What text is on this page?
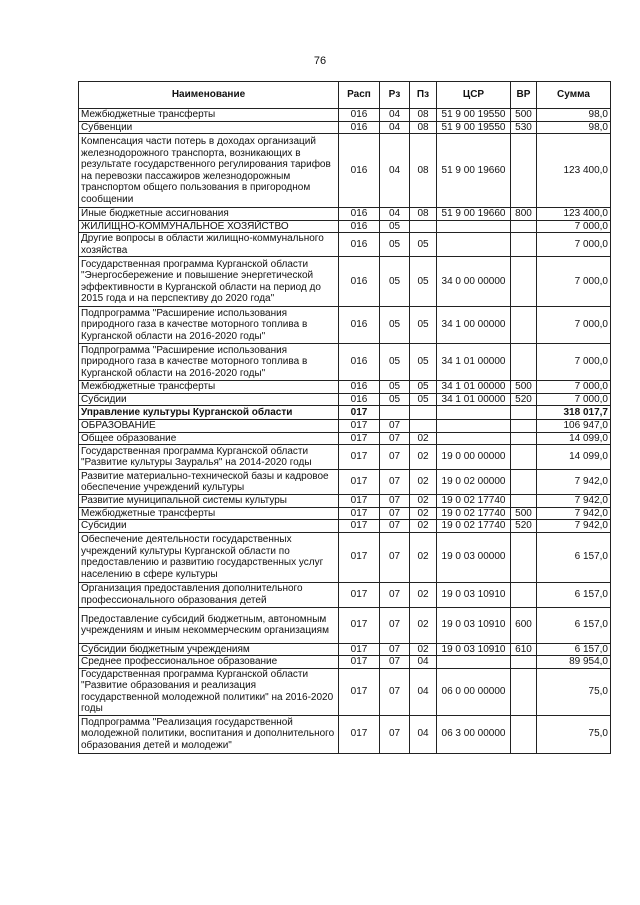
76
Наименование	Расп	Рз	Пз	ЦСР	ВР	Сумма
Межбюджетные трансферты	016	04	08	51 9 00 19550	500	98,0
Субвенции	016	04	08	51 9 00 19550	530	98,0
Компенсация части потерь в доходах организаций железнодорожного транспорта, возникающих в результате государственного регулирования тарифов на перевозки пассажиров железнодорожным транспортом общего пользования в пригородном сообщении	016	04	08	51 9 00 19660		123 400,0
Иные бюджетные ассигнования	016	04	08	51 9 00 19660	800	123 400,0
ЖИЛИЩНО-КОММУНАЛЬНОЕ ХОЗЯЙСТВО	016	05				7 000,0
Другие вопросы в области жилищно-коммунального хозяйства	016	05	05			7 000,0
Государственная программа Курганской области "Энергосбережение и повышение энергетической эффективности в Курганской области на период до 2015 года и на перспективу до 2020 года"	016	05	05	34 0 00 00000		7 000,0
Подпрограмма "Расширение использования природного газа в качестве моторного топлива в Курганской области на 2016-2020 годы"	016	05	05	34 1 00 00000		7 000,0
Подпрограмма "Расширение использования природного газа в качестве моторного топлива в Курганской области на 2016-2020 годы"	016	05	05	34 1 01 00000		7 000,0
Межбюджетные трансферты	016	05	05	34 1 01 00000	500	7 000,0
Субсидии	016	05	05	34 1 01 00000	520	7 000,0
Управление культуры Курганской области	017					318 017,7
ОБРАЗОВАНИЕ	017	07				106 947,0
Общее образование	017	07	02			14 099,0
Государственная программа Курганской области "Развитие культуры Зауралья" на 2014-2020 годы	017	07	02	19 0 00 00000		14 099,0
Развитие материально-технической базы и кадровое обеспечение учреждений культуры	017	07	02	19 0 02 00000		7 942,0
Развитие муниципальной системы культуры	017	07	02	19 0 02 17740		7 942,0
Межбюджетные трансферты	017	07	02	19 0 02 17740	500	7 942,0
Субсидии	017	07	02	19 0 02 17740	520	7 942,0
Обеспечение деятельности государственных учреждений культуры Курганской области по предоставлению и развитию государственных услуг населению в сфере культуры	017	07	02	19 0 03 00000		6 157,0
Организация предоставления дополнительного профессионального образования детей	017	07	02	19 0 03 10910		6 157,0
Предоставление субсидий бюджетным, автономным учреждениям и иным некоммерческим организациям	017	07	02	19 0 03 10910	600	6 157,0
Субсидии бюджетным учреждениям	017	07	02	19 0 03 10910	610	6 157,0
Среднее профессиональное образование	017	07	04			89 954,0
Государственная программа Курганской области "Развитие образования и реализация государственной молодежной политики" на 2016-2020 годы	017	07	04	06 0 00 00000		75,0
Подпрограмма "Реализация государственной молодежной политики, воспитания и дополнительного образования детей и молодежи"	017	07	04	06 3 00 00000		75,0
